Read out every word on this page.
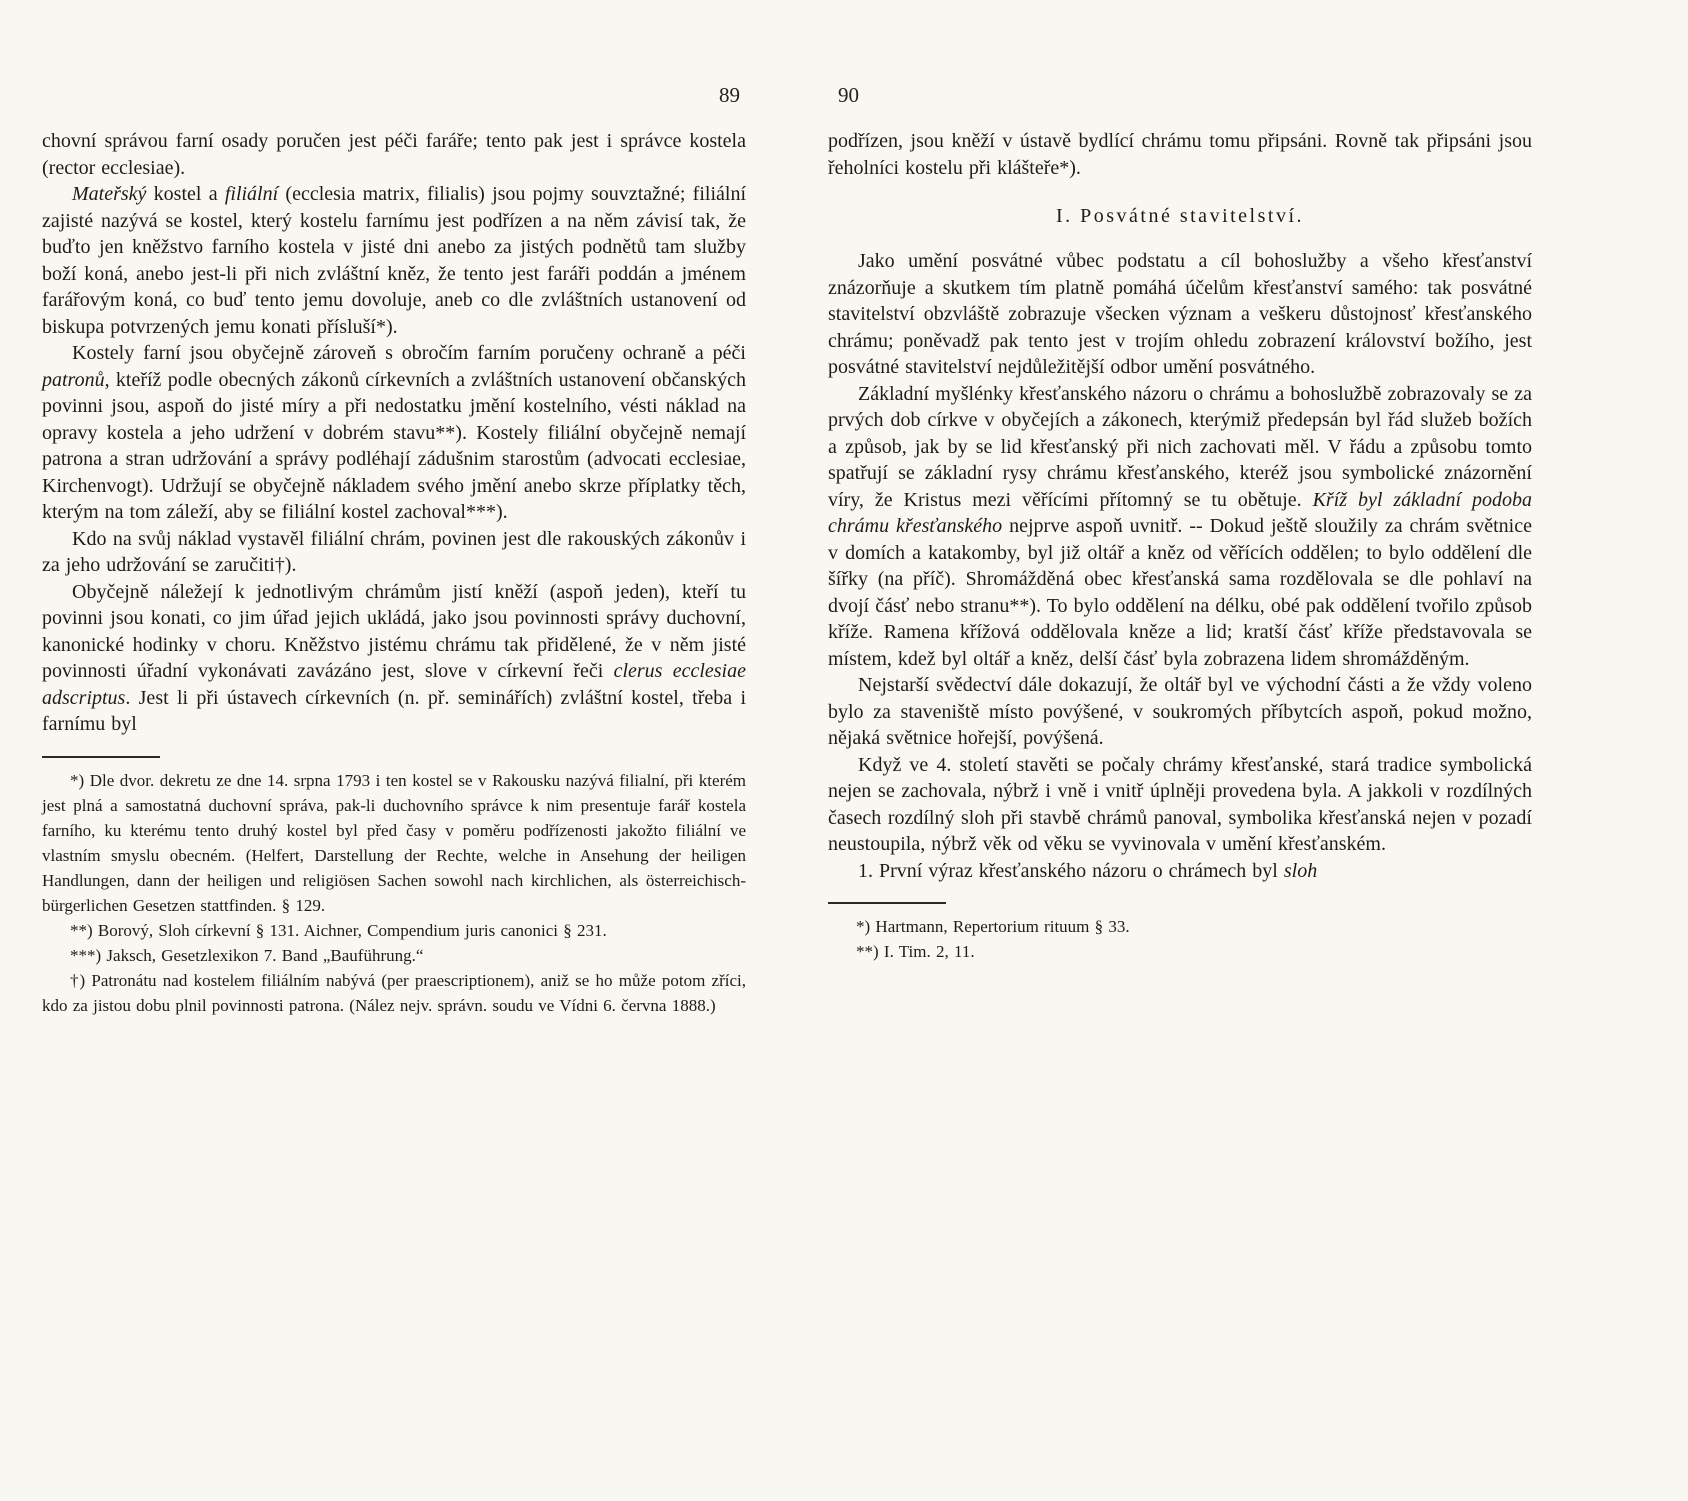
89

chovní správou farní osady poručen jest péči faráře; tento pak jest i správce kostela (rector ecclesiae).

Mateřský kostel a filiální (ecclesia matrix, filialis) jsou pojmy souvztažné; filiální zajisté nazývá se kostel, který kostelu farnímu jest podřízen a na něm závisí tak, že buďto jen kněžstvo farního kostela v jisté dni anebo za jistých podnětů tam služby boží koná, anebo jest-li při nich zvláštní kněz, že tento jest faráři poddán a jménem farářovým koná, co buď tento jemu dovoluje, aneb co dle zvláštních ustanovení od biskupa potvrzených jemu konati přísluší*).

Kostely farní jsou obyčejně zároveň s obročím farním poručeny ochraně a péči patronů, kteříž podle obecných zákonů církevních a zvláštních ustanovení občanských povinni jsou, aspoň do jisté míry a při nedostatku jmění kostelního, vésti náklad na opravy kostela a jeho udržení v dobrém stavu**). Kostely filiální obyčejně nemají patrona a stran udržování a správy podléhají zádušnim starostům (advocati ecclesiae, Kirchenvogt). Udržují se obyčejně nákladem svého jmění anebo skrze příplatky těch, kterým na tom záleží, aby se filiální kostel zachoval***).

Kdo na svůj náklad vystavěl filiální chrám, povinen jest dle rakouských zákonův i za jeho udržování se zaručiti†).

Obyčejně náležejí k jednotlivým chrámům jistí kněží (aspoň jeden), kteří tu povinni jsou konati, co jim úřad jejich ukládá, jako jsou povinnosti správy duchovní, kanonické hodinky v choru. Kněžstvo jistému chrámu tak přidělené, že v něm jisté povinnosti úřadní vykonávati zavázáno jest, slove v církevní řeči clerus ecclesiae adscriptus. Jest li při ústavech církevních (n. př. seminářích) zvláštní kostel, třeba i farnímu byl

*) Dle dvor. dekretu ze dne 14. srpna 1793 i ten kostel se v Rakousku nazývá filialní, při kterém jest plná a samostatná duchovní správa, pak-li duchovního správce k nim presentuje farář kostela farního, ku kterému tento druhý kostel byl před časy v poměru podřízenosti jakožto filiální ve vlastním smyslu obecném. (Helfert, Darstellung der Rechte, welche in Ansehung der heiligen Handlungen, dann der heiligen und religiösen Sachen sowohl nach kirchlichen, als österreichisch-bürgerlichen Gesetzen stattfinden. § 129.

**) Borový, Sloh církevní § 131. Aichner, Compendium juris canonici § 231.

***) Jaksch, Gesetzlexikon 7. Band „Bauführung.“

†) Patronátu nad kostelem filiálním nabývá (per praescriptionem), aniž se ho může potom zříci, kdo za jistou dobu plnil povinnosti patrona. (Nález nejv. správn. soudu ve Vídni 6. června 1888.)

90

podřízen, jsou kněží v ústavě bydlící chrámu tomu připsáni. Rovně tak připsáni jsou řeholníci kostelu při klášteře*).

I. Posvátné stavitelství.

Jako umění posvátné vůbec podstatu a cíl bohoslužby a všeho křesťanství znázorňuje a skutkem tím platně pomáhá účelům křesťanství samého: tak posvátné stavitelství obzvláště zobrazuje všecken význam a veškeru důstojnosť křesťanského chrámu; poněvadž pak tento jest v trojím ohledu zobrazení království božího, jest posvátné stavitelství nejdůležitější odbor umění posvátného.

Základní myšlénky křesťanského názoru o chrámu a bohoslužbě zobrazovaly se za prvých dob církve v obyčejích a zákonech, kterýmiž předepsán byl řád služeb božích a způsob, jak by se lid křesťanský při nich zachovati měl. V řádu a způsobu tomto spatřují se základní rysy chrámu křesťanského, kteréž jsou symbolické znázornění víry, že Kristus mezi věřícími přítomný se tu obětuje. Kříž byl základní podoba chrámu křesťanského nejprve aspoň uvnitř. -- Dokud ještě sloužily za chrám světnice v domích a katakomby, byl již oltář a kněz od věřících oddělen; to bylo oddělení dle šířky (na příč). Shromážděná obec křesťanská sama rozdělovala se dle pohlaví na dvojí čásť nebo stranu**). To bylo oddělení na délku, obé pak oddělení tvořilo způsob kříže. Ramena křížová oddělovala kněze a lid; kratší čásť kříže představovala se místem, kdež byl oltář a kněz, delší čásť byla zobrazena lidem shromážděným.

Nejstarší svědectví dále dokazují, že oltář byl ve východní části a že vždy voleno bylo za staveniště místo povýšené, v soukromých příbytcích aspoň, pokud možno, nějaká světnice hořejší, povýšená.

Když ve 4. století stavěti se počaly chrámy křesťanské, stará tradice symbolická nejen se zachovala, nýbrž i vně i vnitř úplněji provedena byla. A jakkoli v rozdílných časech rozdílný sloh při stavbě chrámů panoval, symbolika křesťanská nejen v pozadí neustoupila, nýbrž věk od věku se vyvinovala v umění křesťanském.

1. První výraz křesťanského názoru o chrámech byl sloh

*) Hartmann, Repertorium rituum § 33.

**) I. Tim. 2, 11.
